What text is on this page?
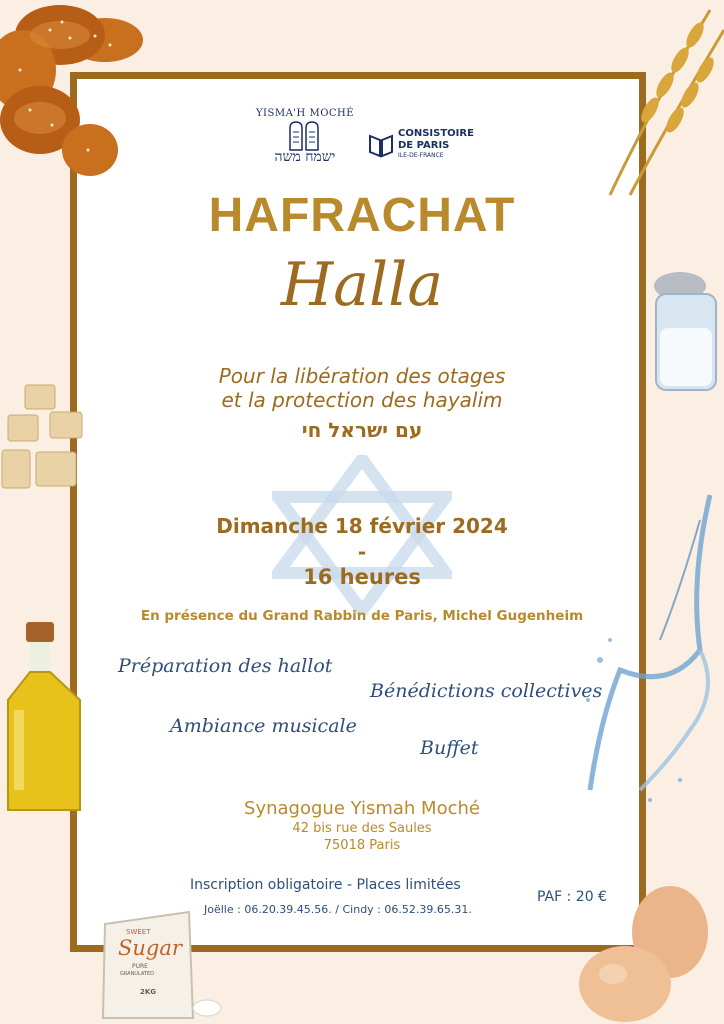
SWEET
Sugar
PURE
GRANULATED
2KG
YISMA'H MOCHÉ
ישמח משה
CONSISTOIRE
DE PARIS
ILE-DE-FRANCE
HAFRACHAT
Halla
Pour la libération des otages
et la protection des hayalim
עם ישראל חי
Dimanche 18 février 2024
-
16 heures
En présence du Grand Rabbin de Paris, Michel Gugenheim
Préparation des hallot
Bénédictions collectives
Ambiance musicale
Buffet
Synagogue Yismah Moché
42 bis rue des Saules
75018 Paris
Inscription obligatoire - Places limitées
Joëlle : 06.20.39.45.56. / Cindy : 06.52.39.65.31.
PAF : 20 €
